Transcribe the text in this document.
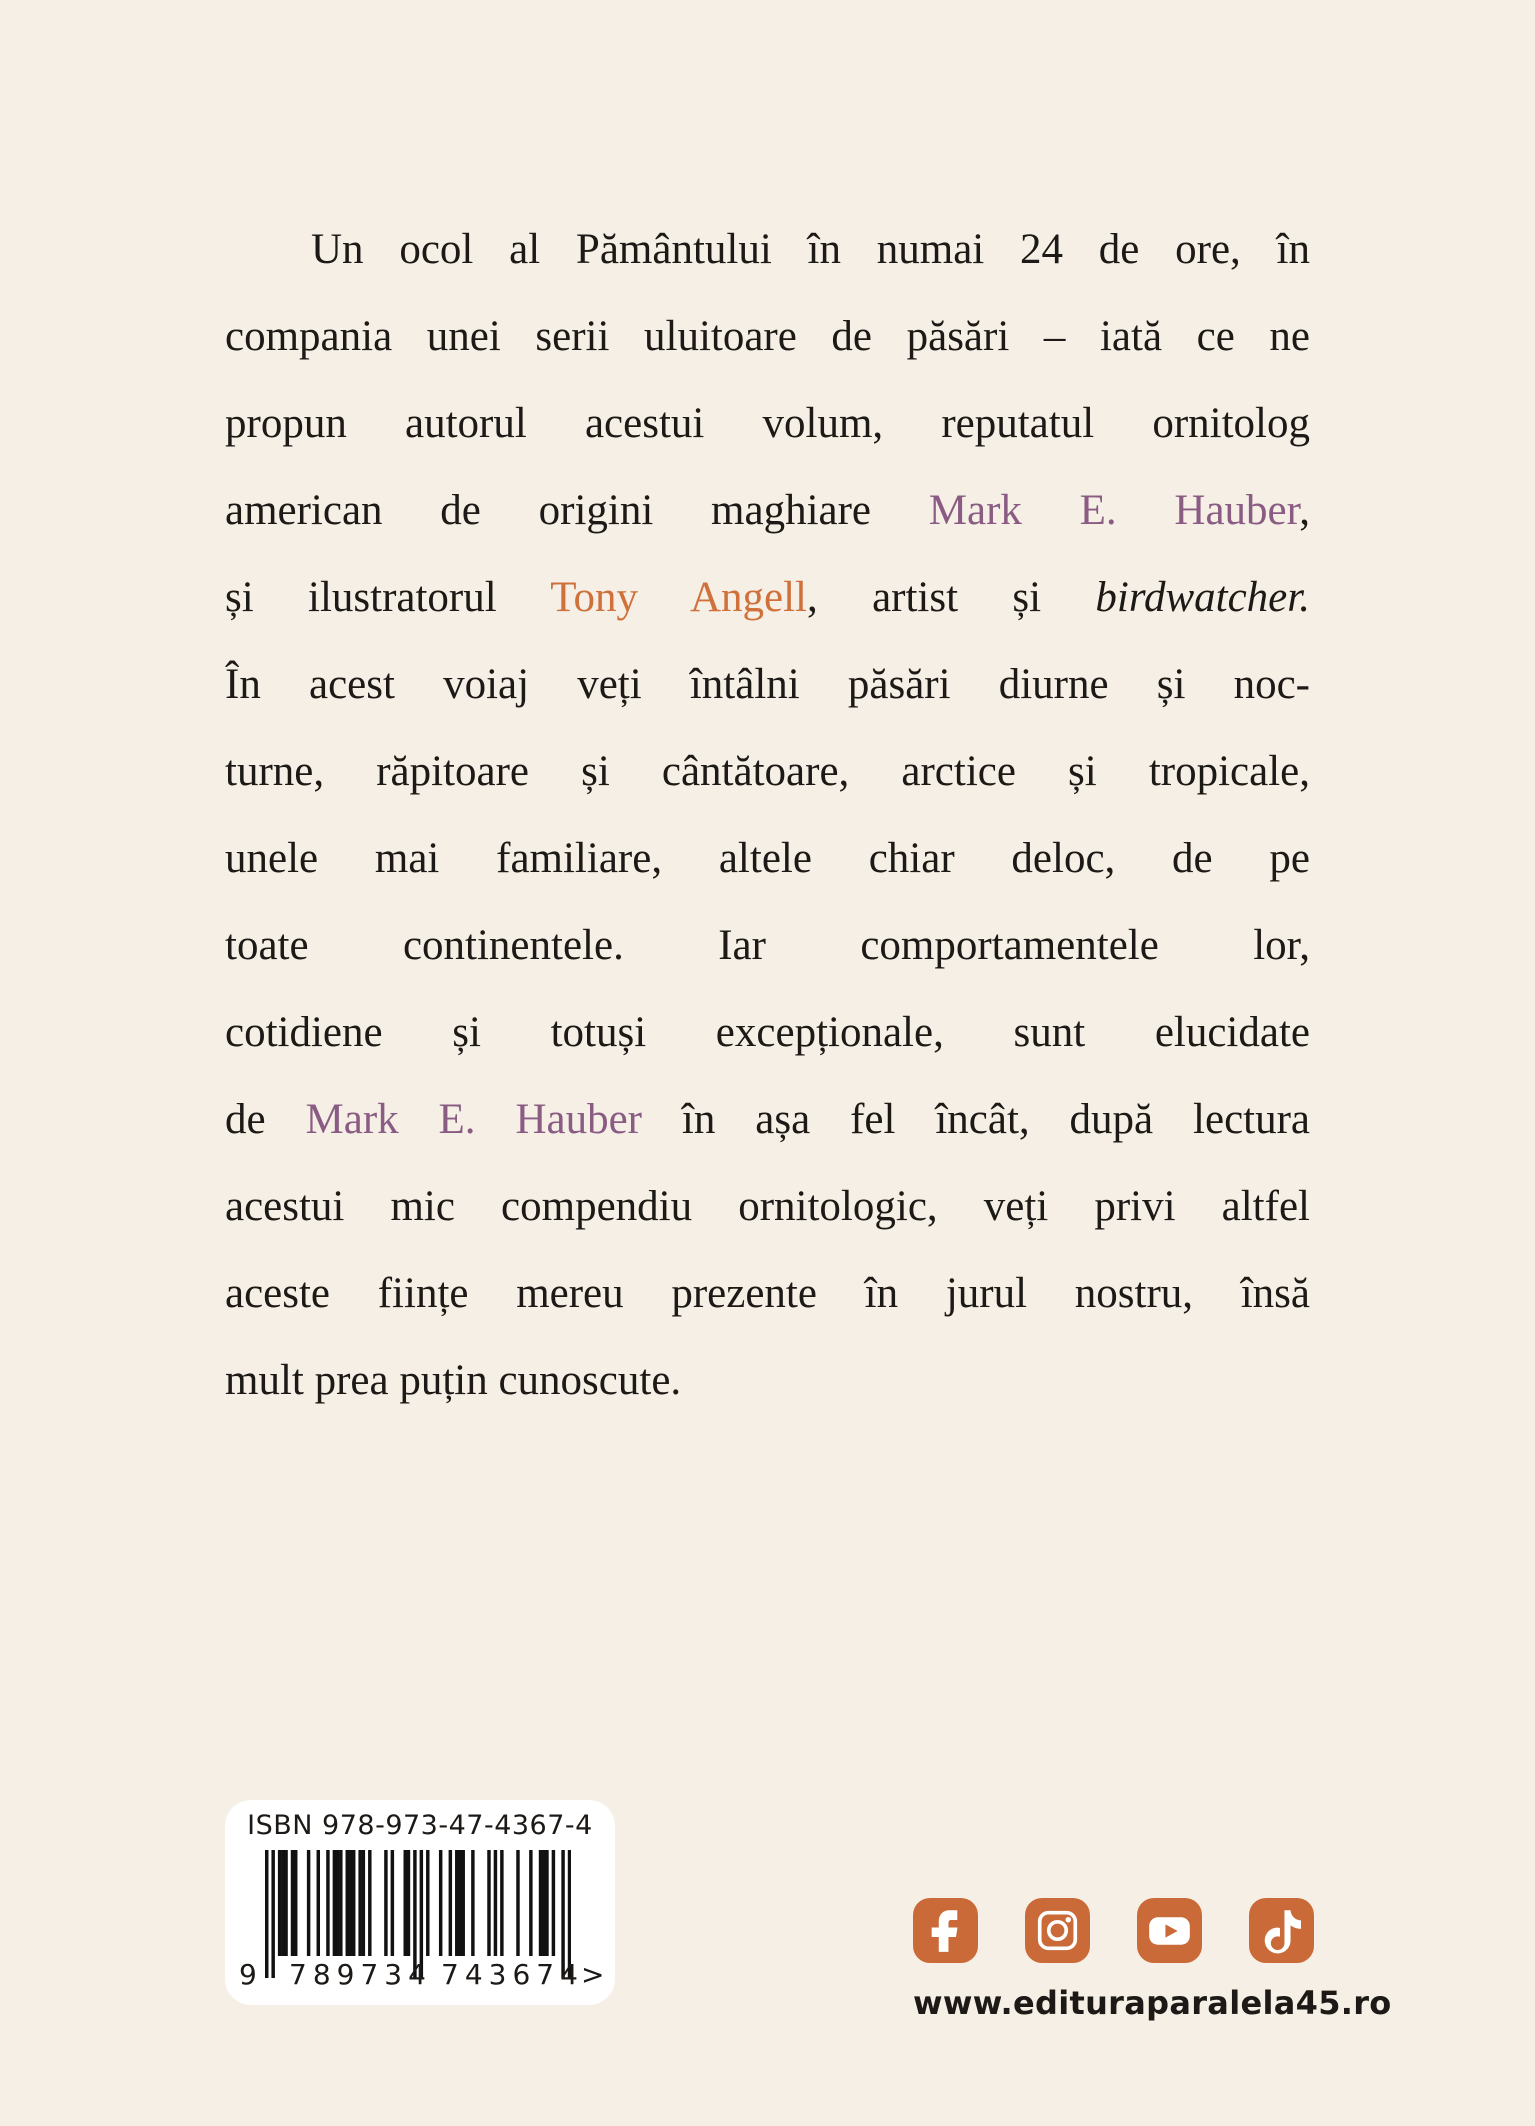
Un ocol al Pământului în numai 24 de ore, în
compania unei serii uluitoare de păsări – iată ce ne
propun autorul acestui volum, reputatul ornitolog
american de origini maghiare Mark E. Hauber,
și ilustratorul Tony Angell, artist și birdwatcher.
În acest voiaj veți întâlni păsări diurne și noc-
turne, răpitoare și cântătoare, arctice și tropicale,
unele mai familiare, altele chiar deloc, de pe
toate continentele. Iar comportamentele lor,
cotidiene și totuși excepționale, sunt elucidate
de Mark E. Hauber în așa fel încât, după lectura
acestui mic compendiu ornitologic, veți privi altfel
aceste ființe mereu prezente în jurul nostru, însă
mult prea puțin cunoscute.
ISBN 978-973-47-4367-4
9 789734 743674
>
www.edituraparalela45.ro
